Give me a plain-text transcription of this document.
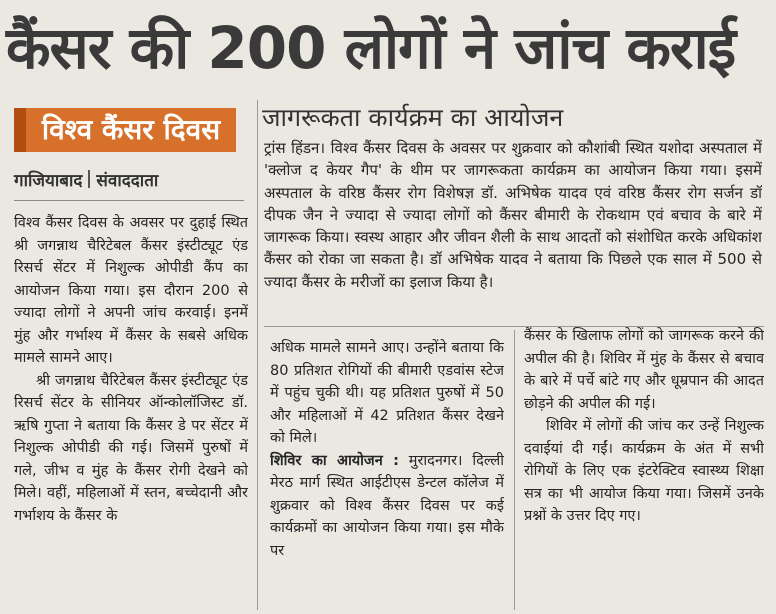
कैंसर की 200 लोगों ने जांच कराई
विश्व कैंसर दिवस
गाजियाबाद संवाददाता
जागरूकता कार्यक्रम का आयोजन

ट्रांस हिंडन। विश्व कैंसर दिवस के अवसर पर शुक्रवार को कौशांबी स्थित यशोदा अस्पताल में 'क्लोज द केयर गैप' के थीम पर जागरूकता कार्यक्रम का आयोजन किया गया। इसमें अस्पताल के वरिष्ठ कैंसर रोग विशेषज्ञ डॉ. अभिषेक यादव एवं वरिष्ठ कैंसर रोग सर्जन डॉ दीपक जैन ने ज्यादा से ज्यादा लोगों को कैंसर बीमारी के रोकथाम एवं बचाव के बारे में जागरूक किया। स्वस्थ आहार और जीवन शैली के साथ आदतों को संशोधित करके अधिकांश कैंसर को रोका जा सकता है। डॉ अभिषेक यादव ने बताया कि पिछले एक साल में 500 से ज्यादा कैंसर के मरीजों का इलाज किया है।

विश्व कैंसर दिवस के अवसर पर दुहाई स्थित श्री जगन्नाथ चैरिटेबल कैंसर इंस्टीट्यूट एंड रिसर्च सेंटर में निशुल्क ओपीडी कैंप का आयोजन किया गया। इस दौरान 200 से ज्यादा लोगों ने अपनी जांच करवाई। इनमें मुंह और गर्भाश्य में कैंसर के सबसे अधिक मामले सामने आए।

श्री जगन्नाथ चैरिटेबल कैंसर इंस्टीट्यूट एंड रिसर्च सेंटर के सीनियर ऑन्कोलॉजिस्ट डॉ. ऋषि गुप्ता ने बताया कि कैंसर डे पर सेंटर में निशुल्क ओपीडी की गई। जिसमें पुरुषों में गले, जीभ व मुंह के कैंसर रोगी देखने को मिले। वहीं, महिलाओं में स्तन, बच्चेदानी और गर्भाशय के कैंसर के

अधिक मामले सामने आए। उन्होंने बताया कि 80 प्रतिशत रोगियों की बीमारी एडवांस स्टेज में पहुंच चुकी थी। यह प्रतिशत पुरुषों में 50 और महिलाओं में 42 प्रतिशत कैंसर देखने को मिले।

शिविर का आयोजन : मुरादनगर। दिल्ली मेरठ मार्ग स्थित आईटीएस डेन्टल कॉलेज में शुक्रवार को विश्व कैंसर दिवस पर कई कार्यक्रमों का आयोजन किया गया। इस मौके पर

कैंसर के खिलाफ लोगों को जागरूक करने की अपील की है। शिविर में मुंह के कैंसर से बचाव के बारे में पर्चे बांटे गए और धूम्रपान की आदत छोड़ने की अपील की गई।

शिविर में लोगों की जांच कर उन्हें निशुल्क दवाईयां दी गईं। कार्यक्रम के अंत में सभी रोगियों के लिए एक इंटरेक्टिव स्वास्थ्य शिक्षा सत्र का भी आयोज किया गया। जिसमें उनके प्रश्नों के उत्तर दिए गए।
